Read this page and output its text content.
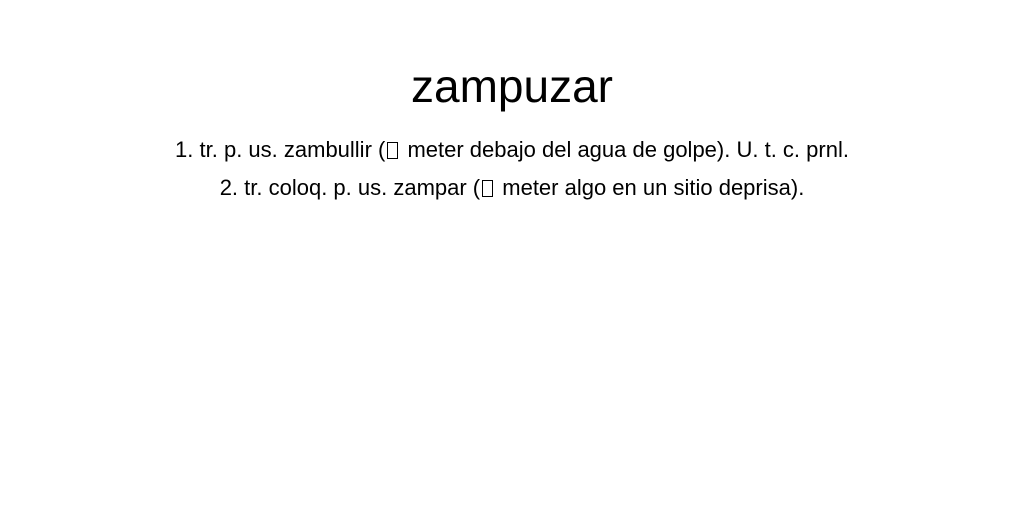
zampuzar
1. tr. p. us. zambullir ( meter debajo del agua de golpe). U. t. c. prnl.
2. tr. coloq. p. us. zampar ( meter algo en un sitio deprisa).
